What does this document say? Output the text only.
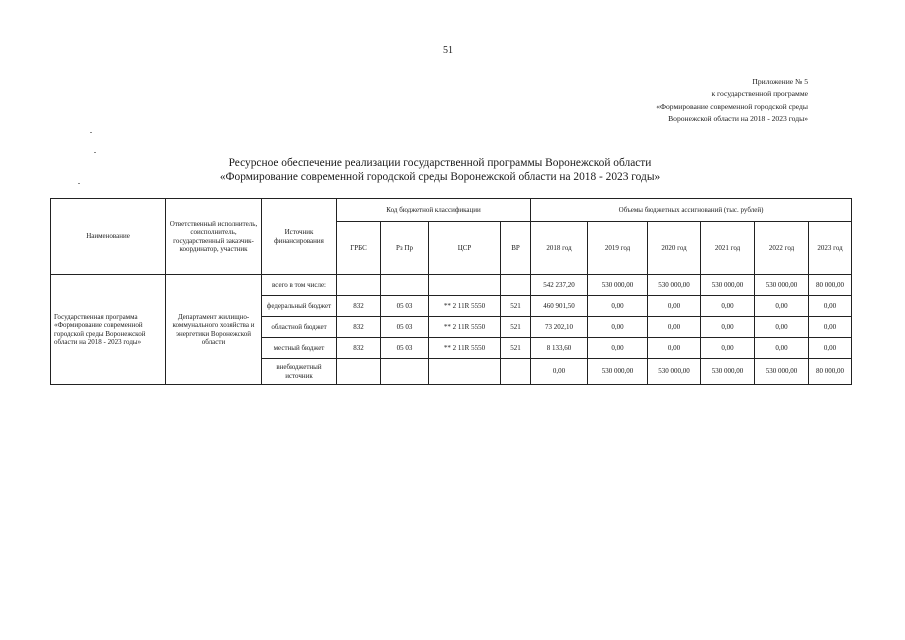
51
Приложение № 5
к государственной программе
«Формирование современной городской среды
Воронежской области на 2018 - 2023 годы»
Ресурсное обеспечение реализации государственной программы Воронежской области
«Формирование современной городской среды Воронежской области на 2018 - 2023 годы»
Наименование	Ответственный исполнитель, соисполнитель, государственный заказчик-координатор, участник	Источник финансирования	Код бюджетной классификации				Объемы бюджетных ассигнований (тыс. рублей)					
			ГРБС	Рз Пр	ЦСР	ВР	2018 год	2019 год	2020 год	2021 год	2022 год	2023 год
Государственная программа «Формирование современной городской среды Воронежской области на 2018 - 2023 годы»	Департамент жилищно-коммунального хозяйства и энергетики Воронежской области	всего в том числе:					542 237,20	530 000,00	530 000,00	530 000,00	530 000,00	80 000,00
		федеральный бюджет	832	05 03	** 2 11R 5550	521	460 901,50	0,00	0,00	0,00	0,00	0,00
		областной бюджет	832	05 03	** 2 11R 5550	521	73 202,10	0,00	0,00	0,00	0,00	0,00
		местный бюджет	832	05 03	** 2 11R 5550	521	8 133,60	0,00	0,00	0,00	0,00	0,00
		внебюджетный источник					0,00	530 000,00	530 000,00	530 000,00	530 000,00	80 000,00
